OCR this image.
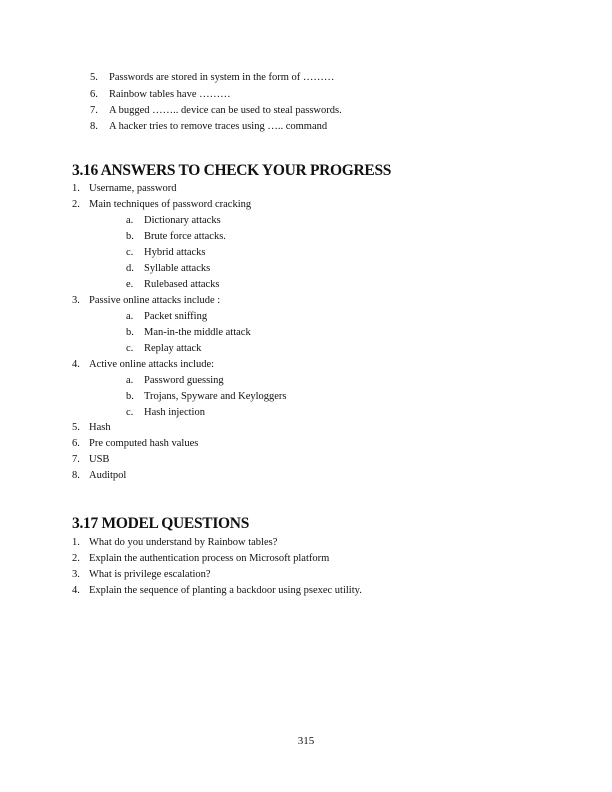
5. Passwords are stored in system in the form of ………
6. Rainbow tables have ………
7. A bugged …….. device can be used to steal passwords.
8. A hacker tries to remove traces using ….. command
3.16 ANSWERS TO CHECK YOUR PROGRESS
1. Username, password
2. Main techniques of password cracking
a. Dictionary attacks
b. Brute force attacks.
c. Hybrid attacks
d. Syllable attacks
e. Rulebased attacks
3. Passive online attacks include :
a. Packet sniffing
b. Man-in-the middle attack
c. Replay attack
4. Active online attacks include:
a. Password guessing
b. Trojans, Spyware and Keyloggers
c. Hash injection
5. Hash
6. Pre computed hash values
7. USB
8. Auditpol
3.17 MODEL QUESTIONS
1. What do you understand by Rainbow tables?
2. Explain the authentication process on Microsoft platform
3. What is privilege escalation?
4. Explain the sequence of planting a backdoor using psexec utility.
315
